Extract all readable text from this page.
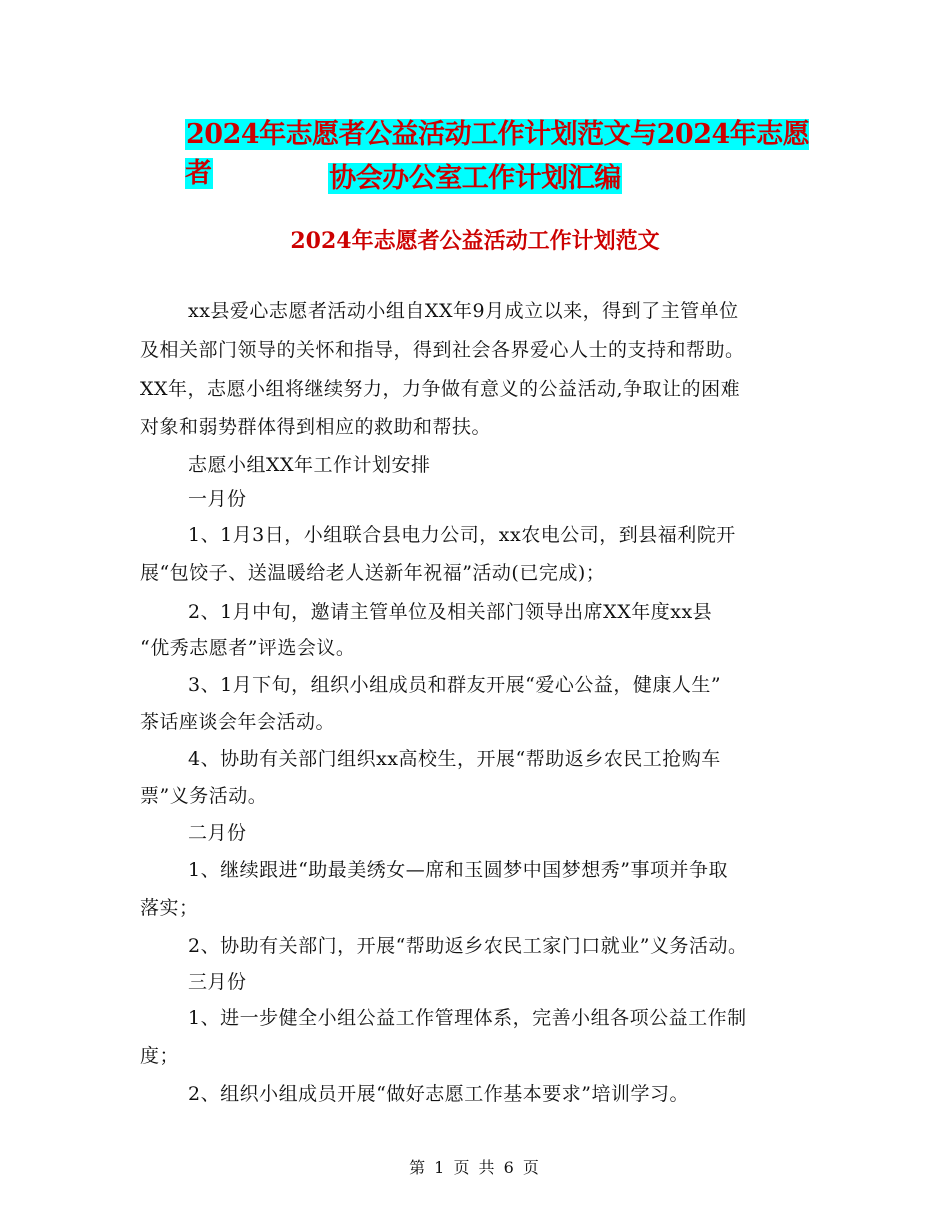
2024年志愿者公益活动工作计划范文与2024年志愿者	协会办公室工作计划汇编
2024年志愿者公益活动工作计划范文
xx县爱心志愿者活动小组自XX年9月成立以来，得到了主管单位
及相关部门领导的关怀和指导，得到社会各界爱心人士的支持和帮助。
XX年，志愿小组将继续努力，力争做有意义的公益活动,争取让的困难
对象和弱势群体得到相应的救助和帮扶。
志愿小组XX年工作计划安排
一月份
1、1月3日，小组联合县电力公司，xx农电公司，到县福利院开
展“包饺子、送温暖给老人送新年祝福”活动(已完成)；
2、1月中旬，邀请主管单位及相关部门领导出席XX年度xx县
“优秀志愿者”评选会议。
3、1月下旬，组织小组成员和群友开展“爱心公益，健康人生”
茶话座谈会年会活动。
4、协助有关部门组织xx高校生，开展“帮助返乡农民工抢购车
票”义务活动。
二月份
1、继续跟进“助最美绣女—席和玉圆梦中国梦想秀”事项并争取
落实；
2、协助有关部门，开展“帮助返乡农民工家门口就业”义务活动。
三月份
1、进一步健全小组公益工作管理体系，完善小组各项公益工作制
度；
2、组织小组成员开展“做好志愿工作基本要求”培训学习。
第 1 页 共 6 页
